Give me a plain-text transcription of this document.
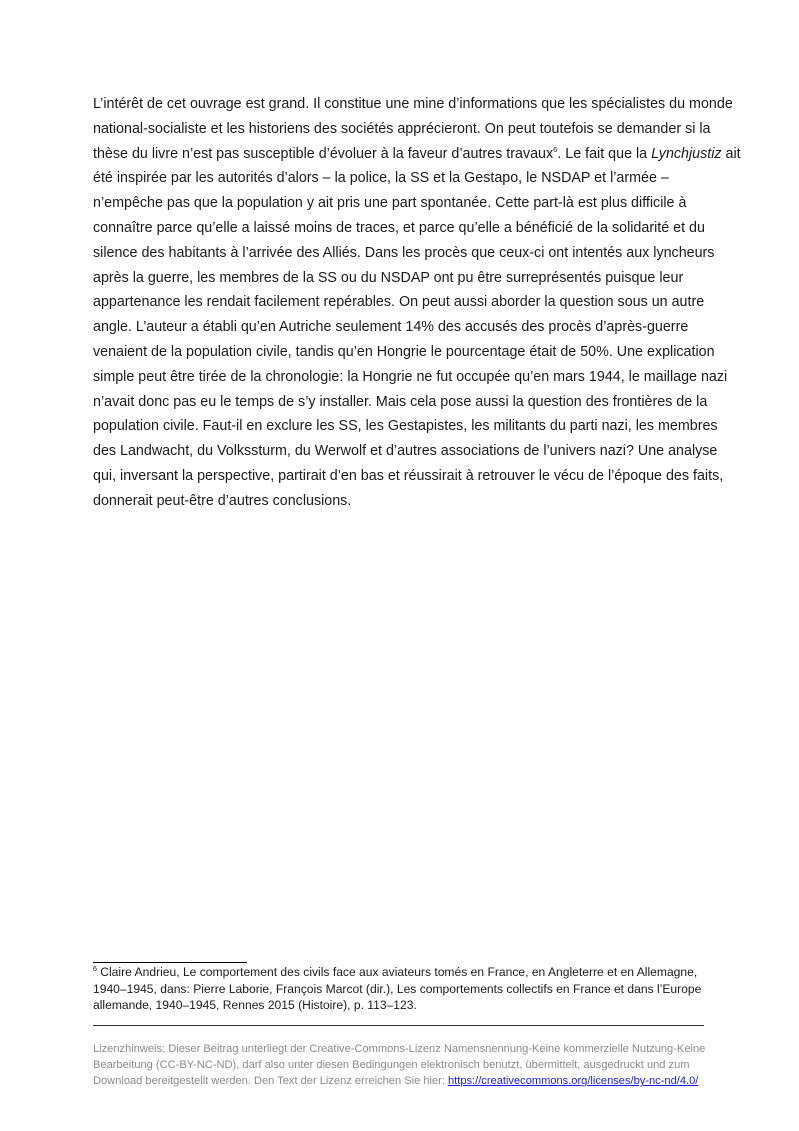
L’intérêt de cet ouvrage est grand. Il constitue une mine d’informations que les spécialistes du monde
national-socialiste et les historiens des sociétés apprécieront. On peut toutefois se demander si la
thèse du livre n’est pas susceptible d’évoluer à la faveur d’autres travaux$^6$. Le fait que la Lynchjustiz ait
été inspirée par les autorités d’alors – la police, la SS et la Gestapo, le NSDAP et l’armée –
n’empêche pas que la population y ait pris une part spontanée. Cette part-là est plus difficile à
connaître parce qu’elle a laissé moins de traces, et parce qu’elle a bénéficié de la solidarité et du
silence des habitants à l’arrivée des Alliés. Dans les procès que ceux-ci ont intentés aux lyncheurs
après la guerre, les membres de la SS ou du NSDAP ont pu être surreprésentés puisque leur
appartenance les rendait facilement repérables. On peut aussi aborder la question sous un autre
angle. L’auteur a établi qu’en Autriche seulement 14% des accusés des procès d’après-guerre
venaient de la population civile, tandis qu’en Hongrie le pourcentage était de 50%. Une explication
simple peut être tirée de la chronologie: la Hongrie ne fut occupée qu’en mars 1944, le maillage nazi
n’avait donc pas eu le temps de s’y installer. Mais cela pose aussi la question des frontières de la
population civile. Faut-il en exclure les SS, les Gestapistes, les militants du parti nazi, les membres
des Landwacht, du Volkssturm, du Werwolf et d’autres associations de l’univers nazi? Une analyse
qui, inversant la perspective, partirait d’en bas et réussirait à retrouver le vécu de l’époque des faits,
donnerait peut-être d’autres conclusions.
$^6$ Claire Andrieu, Le comportement des civils face aux aviateurs tomés en France, en Angleterre et en Allemagne,
1940–1945, dans: Pierre Laborie, François Marcot (dir.), Les comportements collectifs en France et dans l’Europe
allemande, 1940–1945, Rennes 2015 (Histoire), p. 113–123.
Lizenzhinweis: Dieser Beitrag unterliegt der Creative-Commons-Lizenz Namensnennung-Keine kommerzielle Nutzung-Keine
Bearbeitung (CC-BY-NC-ND), darf also unter diesen Bedingungen elektronisch benutzt, übermittelt, ausgedruckt und zum
Download bereitgestellt werden. Den Text der Lizenz erreichen Sie hier: https://creativecommons.org/licenses/by-nc-nd/4.0/
